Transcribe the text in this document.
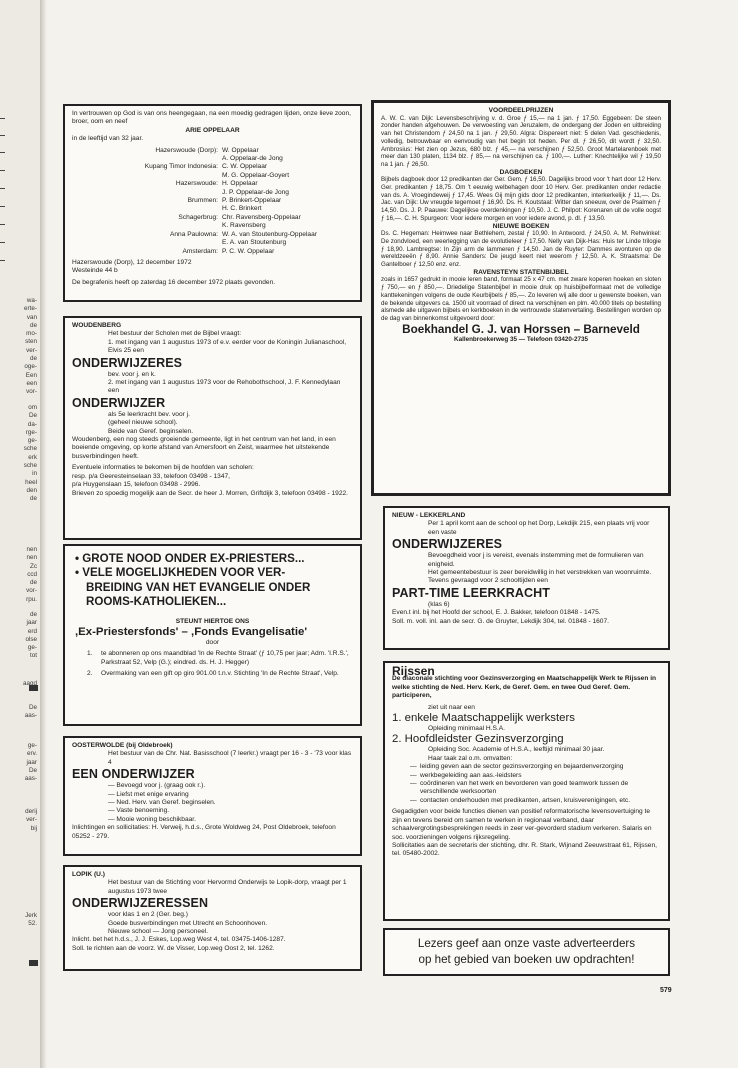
wa-
erte-
van
de
mo-
sten
ver-
de
oge-
Een
een
vor-
om
De
da-
rge-
ge-
sche
erk
sche
in
heel
den
de
nen
nen
Zc
ccd
de
vor-
rpu.
de
jaar
erd
olse
ge-
tot
aagd
De
aas-
ge-
erv.
jaar
De
aas-
derij
ver-
bij
Jerk
52.

In vertrouwen op God is van ons heengegaan, na een moedig gedragen lijden, onze lieve zoon, broer, oom en neef

ARIE OPPELAAR

in de leeftijd van 32 jaar.

Hazerswoude (Dorp): W. Oppelaar
A. Oppelaar-de Jong
Kupang Timor Indonesia: C. W. Oppelaar
M. G. Oppelaar-Goyert
Hazerswoude: H. Oppelaar
J. P. Oppelaar-de Jong
Brummen: P. Brinkert-Oppelaar
H. C. Brinkert
Schagerbrug: Chr. Ravensberg-Oppelaar
K. Ravensberg
Anna Paulowna: W. A. van Stoutenburg-Oppelaar
E. A. van Stoutenburg
Amsterdam: P. C. W. Oppelaar

Hazerswoude (Dorp), 12 december 1972

Westeinde 44 b

De begrafenis heeft op zaterdag 16 december 1972 plaats gevonden.

WOUDENBERG

Het bestuur der Scholen met de Bijbel vraagt:

1. met ingang van 1 augustus 1973 of e.v. eerder voor de Koningin Julianaschool, Elvis 25 een

ONDERWIJZERES

bev. voor j. en k.
2. met ingang van 1 augustus 1973 voor de Rehobothschool, J. F. Kennedylaan een

ONDERWIJZER

als 5e leerkracht bev. voor j.
(geheel nieuwe school).
Beide van Geref. beginselen.

Woudenberg, een nog steeds groeiende gemeente, ligt in het centrum van het land, in een boeiende omgeving, op korte afstand van Amersfoort en Zeist, waarmee het uitstekende busverbindingen heeft.

Eventuele informaties te bekomen bij de hoofden van scholen:
resp. p/a Geeresteinselaan 33, telefoon 03498 - 1347,
p/a Huygenslaan 15, telefoon 03498 - 2996.
Brieven zo spoedig mogelijk aan de Secr. de heer J. Morren, Griftdijk 3, telefoon 03498 - 1922.

• GROTE NOOD ONDER EX-PRIESTERS...

• VELE MOGELIJKHEDEN VOOR VER-

BREIDING VAN HET EVANGELIE ONDER

ROOMS-KATHOLIEKEN...

STEUNT HIERTOE ONS

,Ex-Priestersfonds' – ,Fonds Evangelisatie'

door

1.	te abonneren op ons maandblad 'In de Rechte Straat' (ƒ 10,75 per jaar; Adm. 'I.R.S.', Parkstraat 52, Velp (G.); eindred. ds. H. J. Hegger)
2.	Overmaking van een gift op giro 901.00 t.n.v. Stichting 'In de Rechte Straat', Velp.

OOSTERWOLDE (bij Oldebroek)

Het bestuur van de Chr. Nat. Basisschool (7 leerkr.) vraagt per 16 - 3 - '73 voor klas 4

EEN ONDERWIJZER

— Bevoegd voor j. (graag ook r.).

— Liefst met enige ervaring

— Ned. Herv. van Geref. beginselen.

— Vaste benoeming.

— Mooie woning beschikbaar.

Inlichtingen en sollicitaties: H. Verweij, h.d.s., Grote Woldweg 24, Post Oldebroek, telefoon 05252 - 279.

LOPIK (U.)

Het bestuur van de Stichting voor Hervormd Onderwijs te Lopik-dorp, vraagt per 1 augustus 1973 twee

ONDERWIJZERESSEN

voor klas 1 en 2 (Ger. beg.)
Goede busverbindingen met Utrecht en Schoonhoven.
Nieuwe school — Jong personeel.

Inlicht. bet het h.d.s., J. J. Eskes, Lop.weg West 4, tel. 03475-1406-1287.
Soll. te richten aan de voorz. W. de Visser, Lop.weg Oost 2, tel. 1262.

VOORDEELPRIJZEN

A. W. C. van Dijk: Levensbeschrijving v. d. Groe ƒ 15,— na 1 jan. ƒ 17,50. Eggebeen: De steen zonder handen afgehouwen. De verwoesting van Jeruzalem, de ondergang der Joden en uitbreiding van het Christendom ƒ 24,50 na 1 jan. ƒ 29,50. Algra: Dispereert niet: 5 delen Vad. geschiedenis, volledig, betrouwbaar en eenvoudig van het begin tot heden. Per dl. ƒ 26,50, dit wordt ƒ 32,50. Ambrosius: Het zien op Jezus, 680 blz. ƒ 45,— na verschijnen ƒ 52,50. Groot Martelarenboek met meer dan 130 platen, 1134 blz. ƒ 85,— na verschijnen ca. ƒ 100,—. Luther: Knechtelijke wil ƒ 19,50 na 1 jan. ƒ 26,50.

DAGBOEKEN

Bijbels dagboek door 12 predikanten der Ger. Gem. ƒ 16,50. Dagelijks brood voor 't hart door 12 Herv. Ger. predikanten ƒ 18,75. Om 't eeuwig welbehagen door 10 Herv. Ger. predikanten onder redactie van ds. A. Vroegindeweij ƒ 17,45. Wees Gij mijn gids door 12 predikanten, interkerkelijk ƒ 11,—. Ds. Jac. van Dijk: Uw vreugde tegemoet ƒ 16,90. Ds. H. Koutstaal: Witter dan sneeuw, over de Psalmen ƒ 14,50. Ds. J. P. Paauwe: Dagelijkse overdenkingen ƒ 10,50. J. C. Philpot: Korenaren uit de volle oogst ƒ 16,—. C. H. Spurgeon: Voor iedere morgen en voor iedere avond, p. dl. ƒ 13,50.

NIEUWE BOEKEN

Ds. C. Hegeman: Heimwee naar Bethlehem, zestal ƒ 10,90. In Antwoord. ƒ 24,50. A. M. Rehwinkel: De zondvloed, een weerlegging van de evolutieleer ƒ 17,50. Nelly van Dijk-Has: Huis ter Linde trilogie ƒ 18,90. Lambregtse: In Zijn arm de lammeren ƒ 14,50. Jan de Ruyter: Dammes avonturen op de wereldzeeën ƒ 8,90. Annie Sanders: De jeugd keert niet weerom ƒ 12,50. A. K. Straatsma: De Gantelboer ƒ 12,50 enz. enz.

RAVENSTEYN STATENBIJBEL

zoals in 1657 gedrukt in mooie leren band, formaat 25 x 47 cm. met zware koperen hoeken en sloten ƒ 750,— en ƒ 850,—. Driedelige Statenbijbel in mooie druk op huisbijbelformaat met de volledige kanttekeningen volgens de oude Keurbijbels ƒ 85,—. Zo leveren wij alle door u gewenste boeken, van de bekende uitgevers ca. 1500 uit voorraad of direct na verschijnen en plm. 40.000 titels op bestelling alsmede alle uitgaven bijbels en kerkboeken in de vertrouwde statenvertaling. Bestellingen worden op de dag van binnenkomst uitgevoerd door:

Boekhandel G. J. van Horssen – Barneveld

Kallenbroekerweg 35 — Telefoon 03420-2735

NIEUW - LEKKERLAND

Per 1 april komt aan de school op het Dorp, Lekdijk 215, een plaats vrij voor een vaste

ONDERWIJZERES

Bevoegdheid voor j is vereist, evenals instemming met de formulieren van enigheid.
Het gemeentebestuur is zeer bereidwillig in het verstrekken van woonruimte.
Tevens gevraagd voor 2 schooltijden een

PART-TIME LEERKRACHT

(klas 6)

Even.t inl. bij het Hoofd der school, E. J. Bakker, telefoon 01848 - 1475.
Soll. m. voll. inl. aan de secr. G. de Gruyter, Lekdijk 304, tel. 01848 - 1607.

Rijssen

De diaconale stichting voor Gezinsverzorging en Maatschappelijk Werk te Rijssen in welke stichting de Ned. Herv. Kerk, de Geref. Gem. en twee Oud Geref. Gem. participeren,

ziet uit naar een

1. enkele Maatschappelijk werksters

Opleiding minimaal H.S.A.

2. Hoofdleidster Gezinsverzorging

Opleiding Soc. Academie of H.S.A., leeftijd minimaal 30 jaar.
Haar taak zal o.m. omvatten:

— leiding geven aan de sector gezinsverzorging en bejaardenverzorging
— werkbegeleiding aan aas.-leidsters
— coördineren van het werk en bevorderen van goed teamwork tussen de verschillende werksoorten
— contacten onderhouden met predikanten, artsen, kruisverenigingen, etc.

Gegadigden voor beide functies dienen van positief reformatorische levensovertuiging te zijn en tevens bereid om samen te werken in regionaal verband, daar schaalvergrotingsbesprekingen reeds in zeer ver-gevorderd stadium verkeren. Salaris en soc. voorzieningen volgens rijksregeling.

Sollicitaties aan de secretaris der stichting, dhr. R. Stark, Wijnand Zeeuwstraat 61, Rijssen, tel. 05480-2002.

Lezers geef aan onze vaste adverteerders

op het gebied van boeken uw opdrachten!

579
